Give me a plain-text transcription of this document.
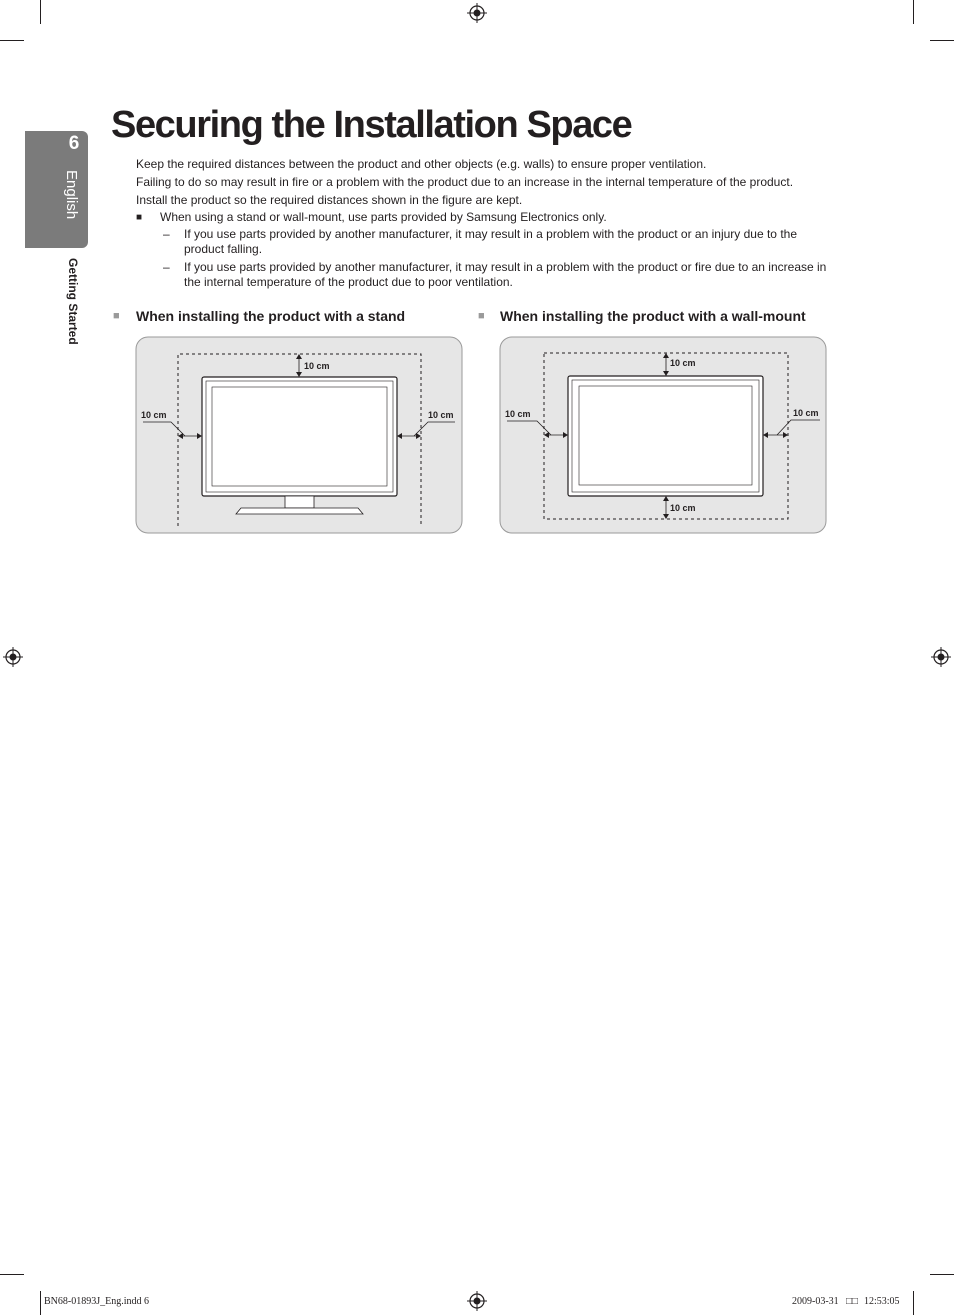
6
English
Getting Started
Securing the Installation Space
Keep the required distances between the product and other objects (e.g. walls) to ensure proper ventilation.
Failing to do so may result in fire or a problem with the product due to an increase in the internal temperature of the product.
Install the product so the required distances shown in the figure are kept.
■ When using a stand or wall-mount, use parts provided by Samsung Electronics only.
– If you use parts provided by another manufacturer, it may result in a problem with the product or an injury due to the product falling.
– If you use parts provided by another manufacturer, it may result in a problem with the product or fire due to an increase in the internal temperature of the product due to poor ventilation.
■ When installing the product with a stand	■ When installing the product with a wall-mount
10 cm
10 cm	10 cm
10 cm
10 cm
10 cm	10 cm
BN68-01893J_Eng.indd 6	2009-03-31 □□ 12:53:05
